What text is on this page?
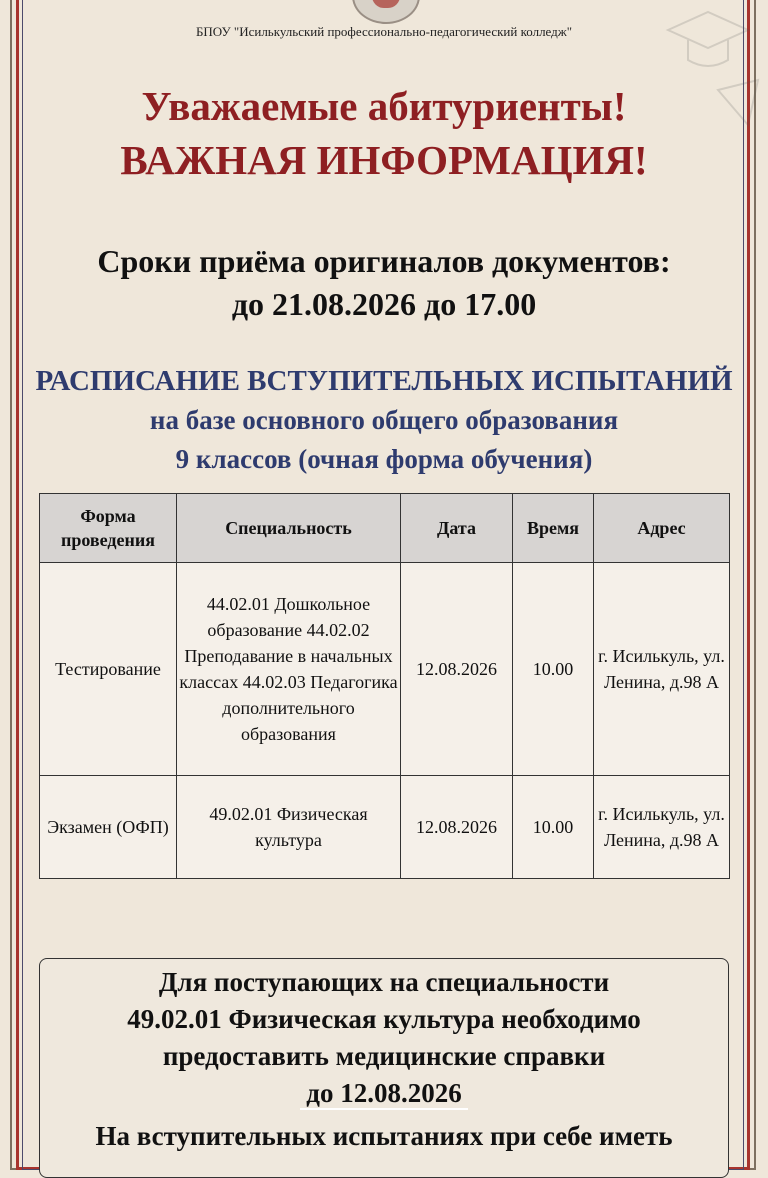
БПОУ "Исилькульский профессионально-педагогический колледж"
Уважаемые абитуриенты!
ВАЖНАЯ ИНФОРМАЦИЯ!
Сроки приёма оригиналов документов:
до 21.08.2026 до 17.00
РАСПИСАНИЕ ВСТУПИТЕЛЬНЫХ ИСПЫТАНИЙ
на базе основного общего образования
9 классов (очная форма обучения)
Форма проведения	Специальность	Дата	Время	Адрес
Тестирование	44.02.01 Дошкольное образование 44.02.02 Преподавание в начальных классах 44.02.03 Педагогика дополнительного образования	12.08.2026	10.00	г. Исилькуль, ул. Ленина, д.98 А
Экзамен (ОФП)	49.02.01 Физическая культура	12.08.2026	10.00	г. Исилькуль, ул. Ленина, д.98 А
Для поступающих на специальности
49.02.01 Физическая культура необходимо
предоставить медицинские справки
до 12.08.2026
На вступительных испытаниях при себе иметь
